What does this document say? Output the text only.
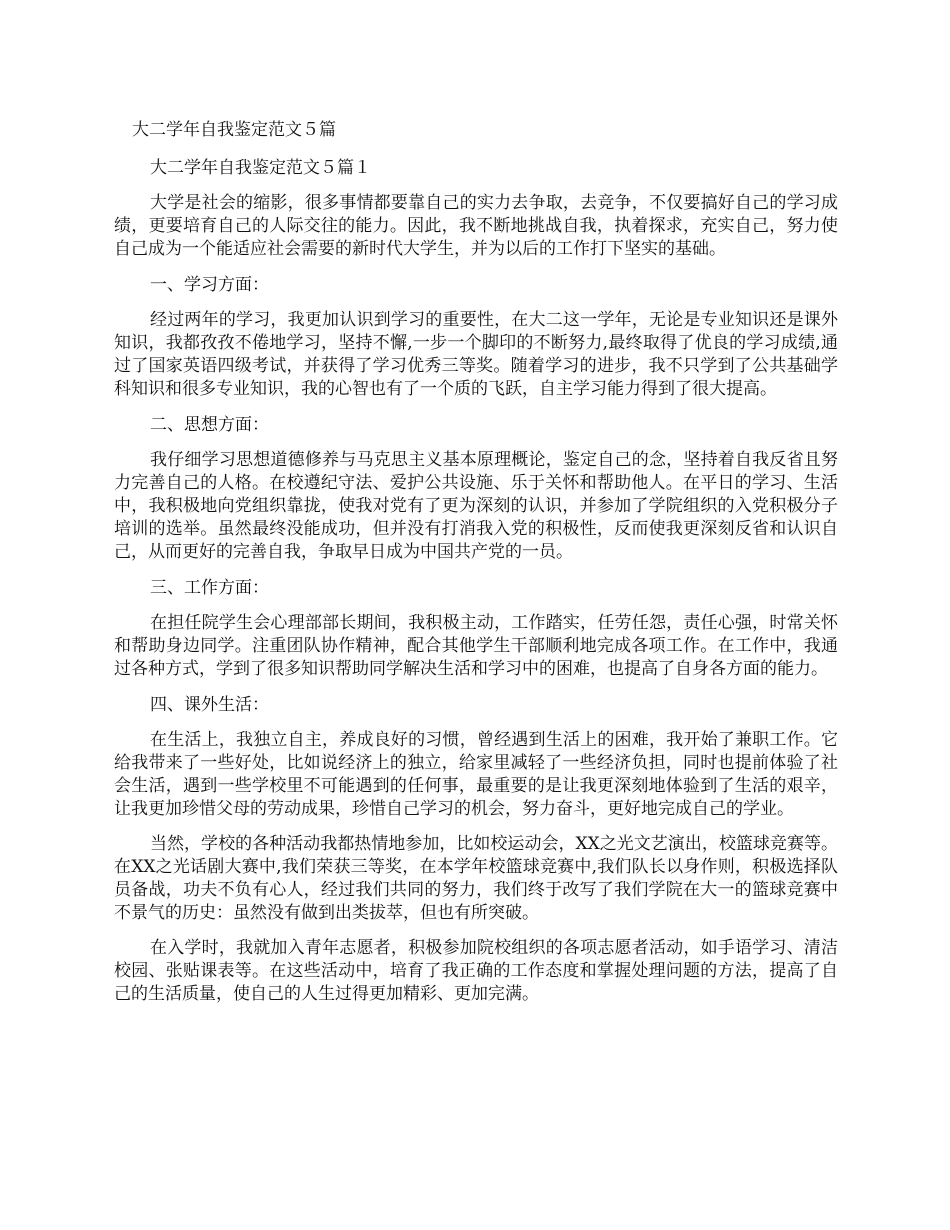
大二学年自我鉴定范文５篇
大二学年自我鉴定范文５篇１

大学是社会的缩影，很多事情都要靠自己的实力去争取，去竞争，不仅要搞好自己的学习成绩，更要培育自己的人际交往的能力。因此，我不断地挑战自我，执着探求，充实自己，努力使自己成为一个能适应社会需要的新时代大学生，并为以后的工作打下坚实的基础。

一、学习方面：

经过两年的学习，我更加认识到学习的重要性，在大二这一学年，无论是专业知识还是课外知识，我都孜孜不倦地学习，坚持不懈,一步一个脚印的不断努力,最终取得了优良的学习成绩,通过了国家英语四级考试，并获得了学习优秀三等奖。随着学习的进步，我不只学到了公共基础学科知识和很多专业知识，我的心智也有了一个质的飞跃，自主学习能力得到了很大提高。

二、思想方面：

我仔细学习思想道德修养与马克思主义基本原理概论，鉴定自己的念，坚持着自我反省且努力完善自己的人格。在校遵纪守法、爱护公共设施、乐于关怀和帮助他人。在平日的学习、生活中，我积极地向党组织靠拢，使我对党有了更为深刻的认识，并参加了学院组织的入党积极分子培训的选举。虽然最终没能成功，但并没有打消我入党的积极性，反而使我更深刻反省和认识自己，从而更好的完善自我，争取早日成为中国共产党的一员。

三、工作方面：

在担任院学生会心理部部长期间，我积极主动，工作踏实，任劳任怨，责任心强，时常关怀和帮助身边同学。注重团队协作精神，配合其他学生干部顺利地完成各项工作。在工作中，我通过各种方式，学到了很多知识帮助同学解决生活和学习中的困难，也提高了自身各方面的能力。

四、课外生活：

在生活上，我独立自主，养成良好的习惯，曾经遇到生活上的困难，我开始了兼职工作。它给我带来了一些好处，比如说经济上的独立，给家里减轻了一些经济负担，同时也提前体验了社会生活，遇到一些学校里不可能遇到的任何事，最重要的是让我更深刻地体验到了生活的艰辛，让我更加珍惜父母的劳动成果，珍惜自己学习的机会，努力奋斗，更好地完成自己的学业。

当然，学校的各种活动我都热情地参加，比如校运动会，XX之光文艺演出，校篮球竞赛等。在XX之光话剧大赛中,我们荣获三等奖，在本学年校篮球竞赛中,我们队长以身作则，积极选择队员备战，功夫不负有心人，经过我们共同的努力，我们终于改写了我们学院在大一的篮球竞赛中不景气的历史：虽然没有做到出类拔萃，但也有所突破。

在入学时，我就加入青年志愿者，积极参加院校组织的各项志愿者活动，如手语学习、清洁校园、张贴课表等。在这些活动中，培育了我正确的工作态度和掌握处理问题的方法，提高了自己的生活质量，使自己的人生过得更加精彩、更加完满。
